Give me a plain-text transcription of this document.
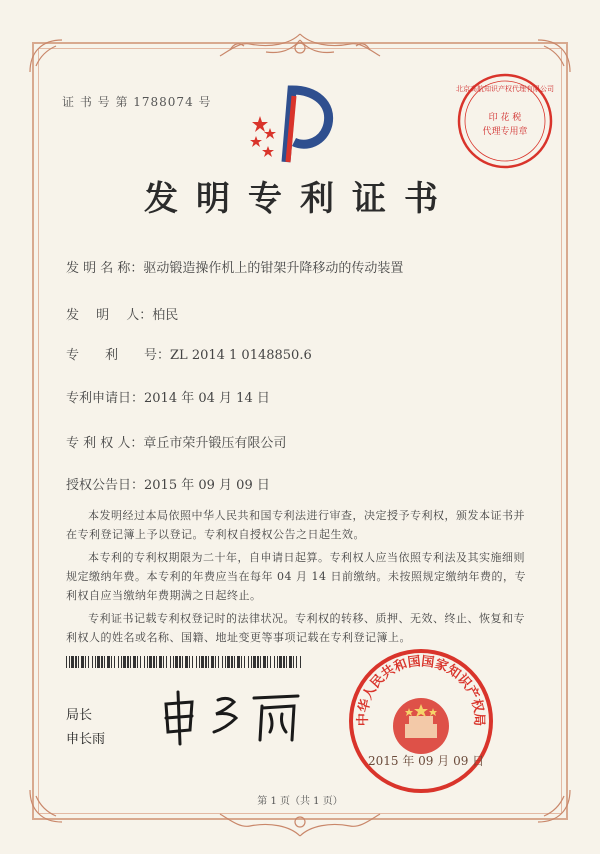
证 书 号 第 1788074 号
北京高航知识产权代理有限公司
印 花 税
代理专用章
发明专利证书
发 明 名 称：驱动锻造操作机上的钳架升降移动的传动装置
发　 明　 人：柏民
专　　利　　号：ZL 2014 1 0148850.6
专利申请日：2014 年 04 月 14 日
专 利 权 人：章丘市荣升锻压有限公司
授权公告日：2015 年 09 月 09 日

本发明经过本局依照中华人民共和国专利法进行审查，决定授予专利权，颁发本证书并在专利登记簿上予以登记。专利权自授权公告之日起生效。

本专利的专利权期限为二十年，自申请日起算。专利权人应当依照专利法及其实施细则规定缴纳年费。本专利的年费应当在每年 04 月 14 日前缴纳。未按照规定缴纳年费的，专利权自应当缴纳年费期满之日起终止。

专利证书记载专利权登记时的法律状况。专利权的转移、质押、无效、终止、恢复和专利权人的姓名或名称、国籍、地址变更等事项记载在专利登记簿上。

局长
申长雨
中华人民共和国国家知识产权局
2015 年 09 月 09 日
第 1 页（共 1 页）
